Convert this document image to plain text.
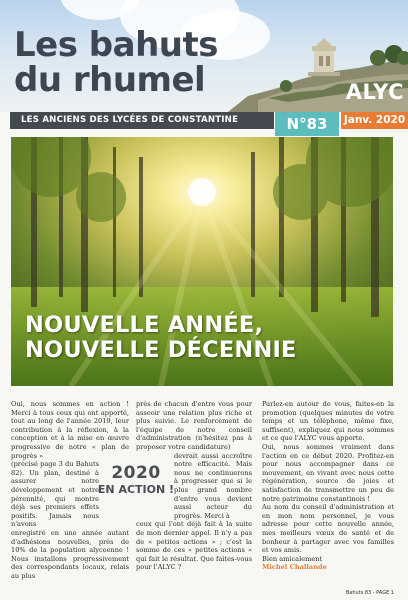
Les bahuts
du rhumel	ALYC
LES ANCIENS DES LYCÉES DE CONSTANTINE	N°83	Janv. 2020
NOUVELLE ANNÉE,
NOUVELLE DÉCENNIE

Oui, nous sommes en action ! Merci à tous ceux qui ont apporté, tout au long de l'année 2019, leur contribution à la réflexion, à la conception et à la mise en œuvre progressive de notre « plan de progrès »

(précisé page 3 du Bahuts 82). Un plan, destiné à assurer notre développement et notre pérennité, qui montre déjà ses premiers effets positifs. Jamais nous n'avons

enregistré en une année autant d'adhésions nouvelles, près de 10% de la population alyceenne ! Nous installons progressivement des correspondants locaux, relais au plus

près de chacun d'entre vous pour asseoir une relation plus riche et plus suivie. Le renforcement de l'équipe de notre conseil d'administration (n'hésitez pas à proposer votre candidature)

devrait aussi accroître notre efficacité. Mais nous ne continuerons à progresser que si le plus grand nombre d'entre vous devient aussi acteur du progrès. Merci à

ceux qui l'ont déjà fait à la suite de mon dernier appel. Il n'y a pas de « petites actions » ; c'est la somme de ces « petites actions » qui fait le résultat. Que faites-vous pour l'ALYC ?

2020
EN ACTION !

Parlez-en autour de vous, faites-en la promotion (quelques minutes de votre temps et un téléphone, même fixe, suffisent), expliquez qui nous sommes et ce que l'ALYC vous apporte.

Oui, nous sommes vraiment dans l'action en ce début 2020. Profitez-en pour nous accompagner dans ce mouvement, en vivant avec nous cette régénération, source de joies et satisfaction de transmettre un peu de notre patrimoine constantinois !

Au nom du conseil d'administration et en mon nom personnel, je vous adresse pour cette nouvelle année, mes meilleurs vœux de santé et de bonheur à partager avec vos familles et vos amis.

Bien amicalement

Michel Challande

Bahuts 83 - PAGE 1
